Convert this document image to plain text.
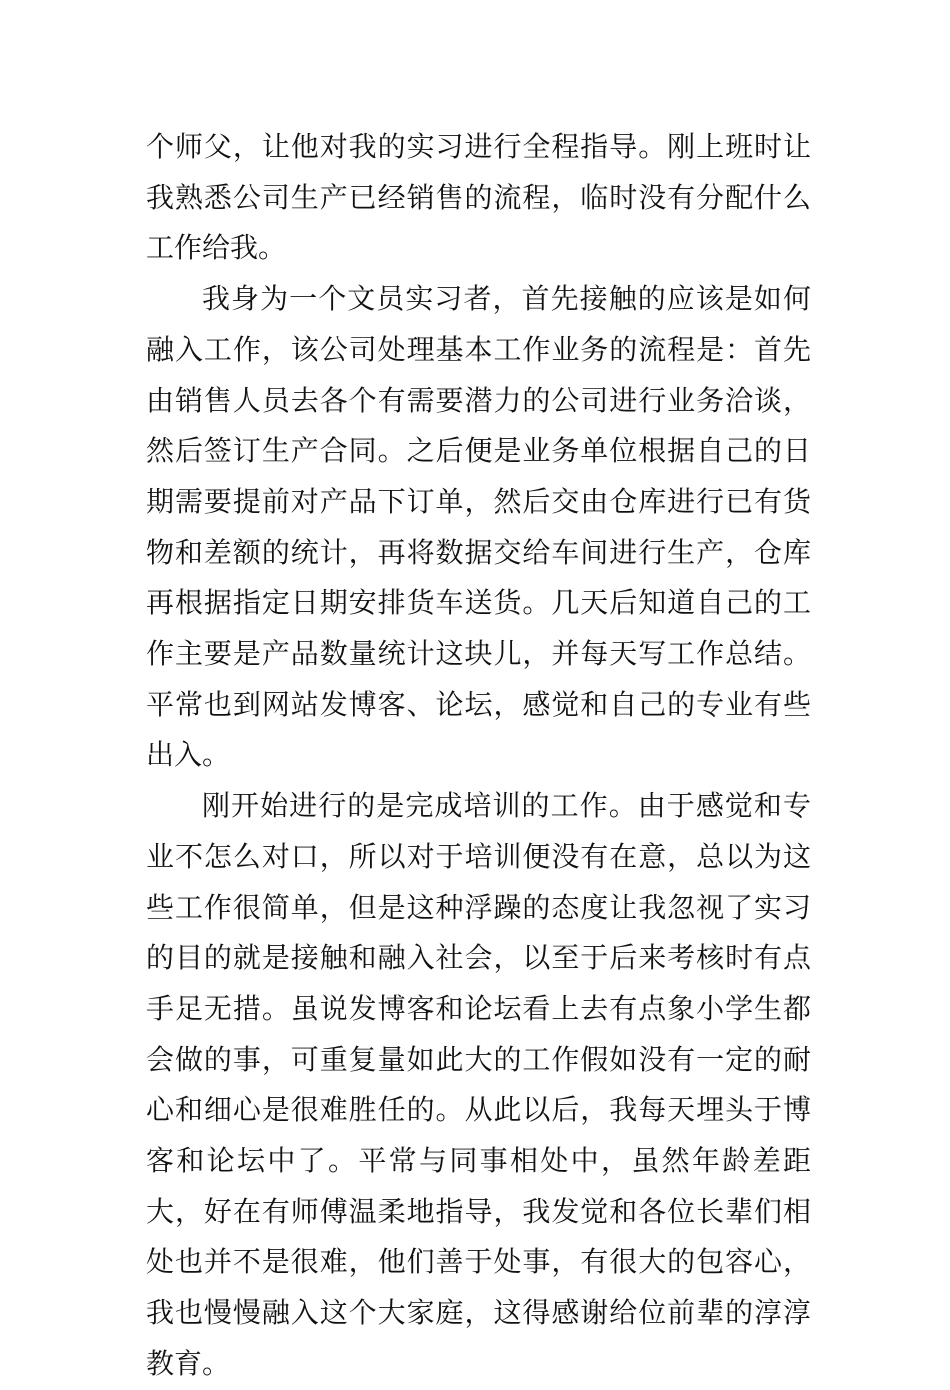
个师父，让他对我的实习进行全程指导。刚上班时让我熟悉公司生产已经销售的流程，临时没有分配什么工作给我。

我身为一个文员实习者，首先接触的应该是如何融入工作，该公司处理基本工作业务的流程是：首先由销售人员去各个有需要潜力的公司进行业务洽谈，然后签订生产合同。之后便是业务单位根据自己的日期需要提前对产品下订单，然后交由仓库进行已有货物和差额的统计，再将数据交给车间进行生产，仓库再根据指定日期安排货车送货。几天后知道自己的工作主要是产品数量统计这块儿，并每天写工作总结。平常也到网站发博客、论坛，感觉和自己的专业有些出入。

刚开始进行的是完成培训的工作。由于感觉和专业不怎么对口，所以对于培训便没有在意，总以为这些工作很简单，但是这种浮躁的态度让我忽视了实习的目的就是接触和融入社会，以至于后来考核时有点手足无措。虽说发博客和论坛看上去有点象小学生都会做的事，可重复量如此大的工作假如没有一定的耐心和细心是很难胜任的。从此以后，我每天埋头于博客和论坛中了。平常与同事相处中，虽然年龄差距大，好在有师傅温柔地指导，我发觉和各位长辈们相处也并不是很难，他们善于处事，有很大的包容心，我也慢慢融入这个大家庭，这得感谢给位前辈的淳淳教育。
